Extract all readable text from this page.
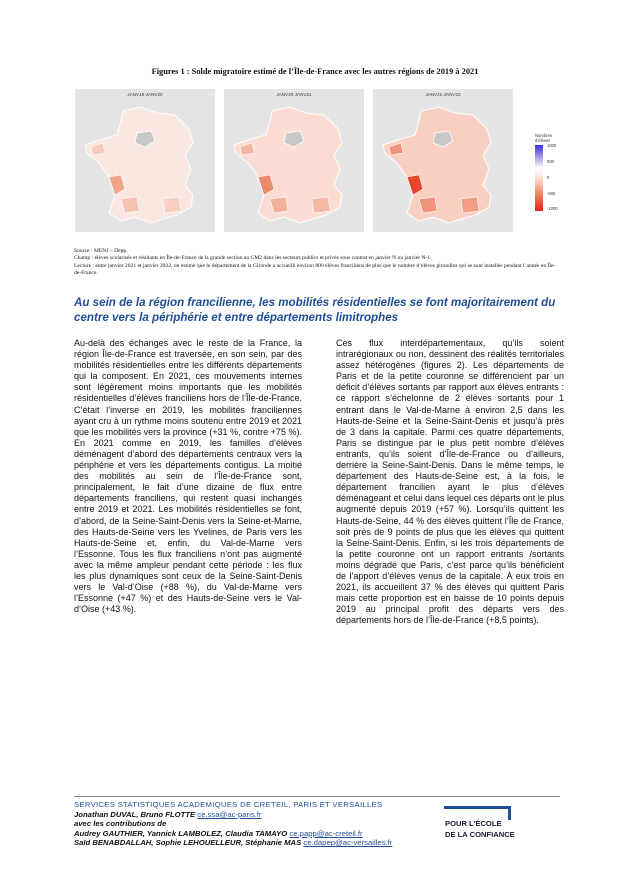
Figures 1 : Solde migratoire estimé de l’Île-de-France avec les autres régions de 2019 à 2021
JANV19-JANV20	JANV20-JANV21	JANV21-JANV22
Nombres
d’élèves
1000
500
0
-500
-1000
Source : MENJ – Depp.
Champ : élèves scolarisés et résidants en Île-de-France de la grande section au CM2 dans les secteurs publics et privés sous contrat en janvier N ou janvier N-1.
Lecture : entre janvier 2021 et janvier 2022, on estime que le département de la Gironde a accueilli environ 800 élèves franciliens de plus que le nombre d’élèves girondins qui se sont installés pendant l’année en Île-de-France.
Au sein de la région francilienne, les mobilités résidentielles se font majoritairement du centre vers la périphérie et entre départements limitrophes
Au-delà des échanges avec le reste de la France, la région Île-de-France est traversée, en son sein, par des mobilités résidentielles entre les différents départements qui la composent. En 2021, ces mouvements internes sont légèrement moins importants que les mobilités résidentielles d’élèves franciliens hors de l’Île-de-France. C’était l’inverse en 2019, les mobilités franciliennes ayant cru à un rythme moins soutenu entre 2019 et 2021 que les mobilités vers la province (+31 %, contre +75 %). En 2021 comme en 2019, les familles d’élèves déménagent d’abord des départements centraux vers la périphérie et vers les départements contigus. La moitié des mobilités au sein de l’Île-de-France sont, principalement, le fait d’une dizaine de flux entre départements franciliens, qui restent quasi inchangés entre 2019 et 2021. Les mobilités résidentielles se font, d’abord, de la Seine-Saint-Denis vers la Seine-et-Marne, des Hauts-de-Seine vers les Yvelines, de Paris vers les Hauts-de-Seine et, enfin, du Val-de-Marne vers l’Essonne. Tous les flux franciliens n’ont pas augmenté avec la même ampleur pendant cette période : les flux les plus dynamiques sont ceux de la Seine-Saint-Denis vers le Val-d’Oise (+88 %), du Val-de-Marne vers l’Essonne (+47 %) et des Hauts-de-Seine vers le Val-d’Oise (+43 %).
Ces flux interdépartementaux, qu’ils soient intrarégionaux ou non, dessinent des réalités territoriales assez hétérogènes (figures 2). Les départements de Paris et de la petite couronne se différencient par un déficit d’élèves sortants par rapport aux élèves entrants : ce rapport s’échelonne de 2 élèves sortants pour 1 entrant dans le Val-de-Marne à environ 2,5 dans les Hauts-de-Seine et la Seine-Saint-Denis et jusqu’à près de 3 dans la capitale. Parmi ces quatre départements, Paris se distingue par le plus petit nombre d’élèves entrants, qu’ils soient d’Île-de-France ou d’ailleurs, derrière la Seine-Saint-Denis. Dans le même temps, le département des Hauts-de-Seine est, à la fois, le département francilien ayant le plus d’élèves déménageant et celui dans lequel ces départs ont le plus augmenté depuis 2019 (+57 %). Lorsqu’ils quittent les Hauts-de-Seine, 44 % des élèves quittent l’Île de France, soit près de 9 points de plus que les élèves qui quittent la Seine-Saint-Denis. Enfin, si les trois départements de la petite couronne ont un rapport entrants /sortants moins dégradé que Paris, c’est parce qu’ils bénéficient de l’apport d’élèves venus de la capitale. À eux trois en 2021, ils accueillent 37 % des élèves qui quittent Paris mais cette proportion est en baisse de 10 points depuis 2019 au principal profit des départs vers des départements hors de l’Île-de-France (+8,5 points).
SERVICES STATISTIQUES ACADEMIQUES DE CRETEIL, PARIS ET VERSAILLES
Jonathan DUVAL, Bruno FLOTTE ce.ssa@ac-paris.fr
avec les contributions de
Audrey GAUTHIER, Yannick LAMBOLEZ, Claudia TAMAYO ce.papp@ac-creteil.fr
Saïd BENABDALLAH, Sophie LEHOUELLEUR, Stéphanie MAS ce.dapep@ac-versailles.fr
POUR L’ÉCOLE
DE LA CONFIANCE
